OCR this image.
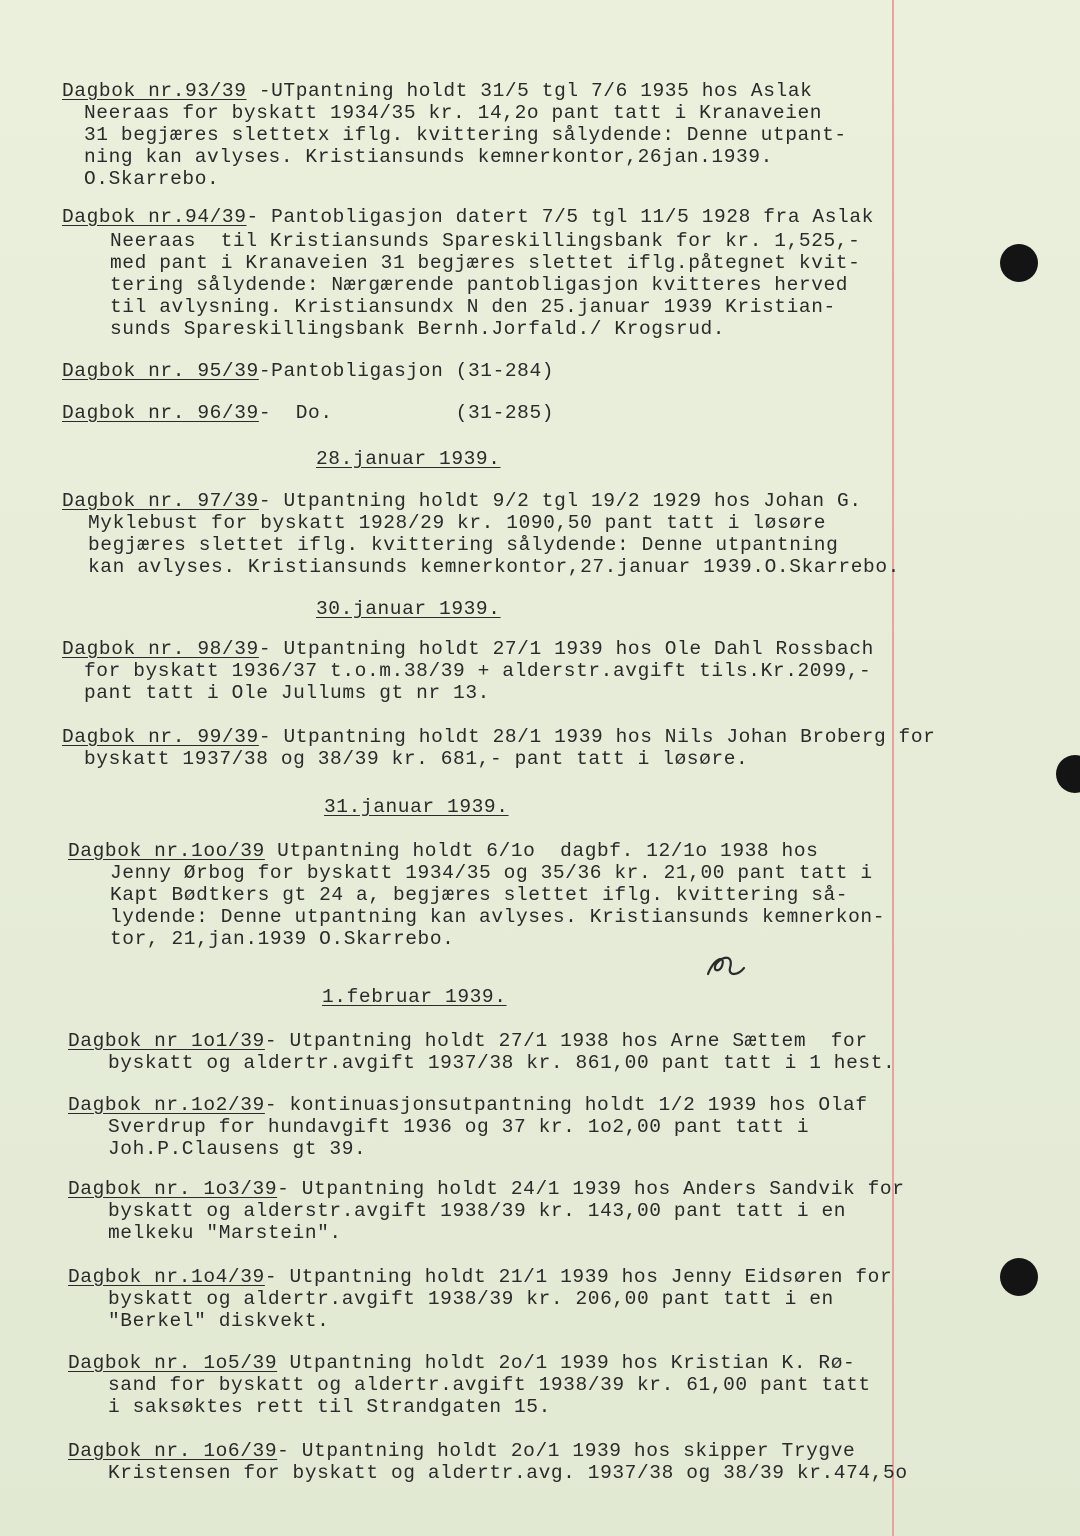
Dagbok nr.93/39 -UTpantning holdt 31/5 tgl 7/6 1935 hos Aslak
Neeraas for byskatt 1934/35 kr. 14,2o pant tatt i Kranaveien
31 begjæres slettetx iflg. kvittering sålydende: Denne utpant-
ning kan avlyses. Kristiansunds kemnerkontor,26jan.1939.
O.Skarrebo.
Dagbok nr.94/39- Pantobligasjon datert 7/5 tgl 11/5 1928 fra Aslak
Neeraas  til Kristiansunds Spareskillingsbank for kr. 1,525,-
med pant i Kranaveien 31 begjæres slettet iflg.påtegnet kvit-
tering sålydende: Nærgærende pantobligasjon kvitteres herved
til avlysning. Kristiansundx N den 25.januar 1939 Kristian-
sunds Spareskillingsbank Bernh.Jorfald./ Krogsrud.
Dagbok nr. 95/39-Pantobligasjon (31-284)
Dagbok nr. 96/39-  Do.          (31-285)
28.januar 1939.
Dagbok nr. 97/39- Utpantning holdt 9/2 tgl 19/2 1929 hos Johan G.
Myklebust for byskatt 1928/29 kr. 1090,50 pant tatt i løsøre
begjæres slettet iflg. kvittering sålydende: Denne utpantning
kan avlyses. Kristiansunds kemnerkontor,27.januar 1939.O.Skarrebo.
30.januar 1939.
Dagbok nr. 98/39- Utpantning holdt 27/1 1939 hos Ole Dahl Rossbach
for byskatt 1936/37 t.o.m.38/39 + alderstr.avgift tils.Kr.2099,-
pant tatt i Ole Jullums gt nr 13.
Dagbok nr. 99/39- Utpantning holdt 28/1 1939 hos Nils Johan Broberg for
byskatt 1937/38 og 38/39 kr. 681,- pant tatt i løsøre.
31.januar 1939.
Dagbok nr.1oo/39 Utpantning holdt 6/1o  dagbf. 12/1o 1938 hos
Jenny Ørbog for byskatt 1934/35 og 35/36 kr. 21,00 pant tatt i
Kapt Bødtkers gt 24 a, begjæres slettet iflg. kvittering så-
lydende: Denne utpantning kan avlyses. Kristiansunds kemnerkon-
tor, 21,jan.1939 O.Skarrebo.
1.februar 1939.
Dagbok nr 1o1/39- Utpantning holdt 27/1 1938 hos Arne Sættem  for
byskatt og aldertr.avgift 1937/38 kr. 861,00 pant tatt i 1 hest.
Dagbok nr.1o2/39- kontinuasjonsutpantning holdt 1/2 1939 hos Olaf
Sverdrup for hundavgift 1936 og 37 kr. 1o2,00 pant tatt i
Joh.P.Clausens gt 39.
Dagbok nr. 1o3/39- Utpantning holdt 24/1 1939 hos Anders Sandvik for
byskatt og alderstr.avgift 1938/39 kr. 143,00 pant tatt i en
melkeku "Marstein".
Dagbok nr.1o4/39- Utpantning holdt 21/1 1939 hos Jenny Eidsøren for
byskatt og aldertr.avgift 1938/39 kr. 206,00 pant tatt i en
"Berkel" diskvekt.
Dagbok nr. 1o5/39 Utpantning holdt 2o/1 1939 hos Kristian K. Rø-
sand for byskatt og aldertr.avgift 1938/39 kr. 61,00 pant tatt
i saksøktes rett til Strandgaten 15.
Dagbok nr. 1o6/39- Utpantning holdt 2o/1 1939 hos skipper Trygve
Kristensen for byskatt og aldertr.avg. 1937/38 og 38/39 kr.474,5o
